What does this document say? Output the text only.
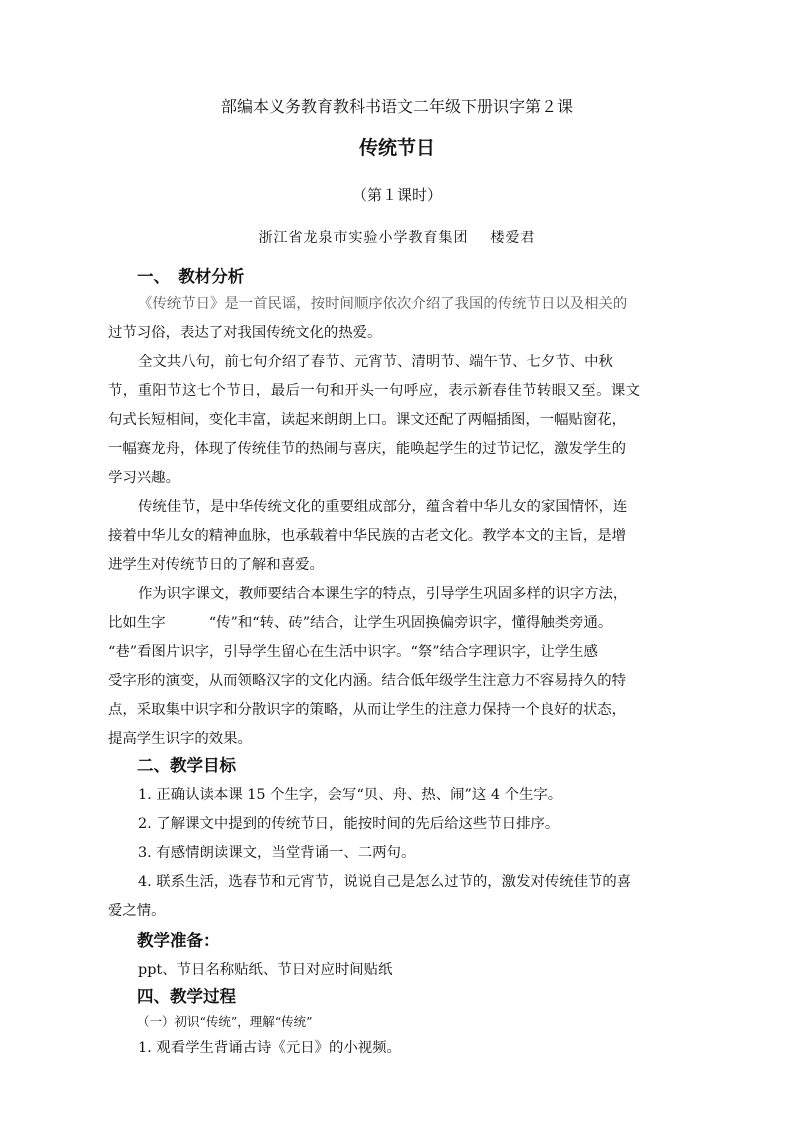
部编本义务教育教科书语文二年级下册识字第２课
传统节日
（第１课时）
浙江省龙泉市实验小学教育集团 楼爱君
一、　教材分析
《传统节日》是一首民谣，按时间顺序依次介绍了我国的传统节日以及相关的
过节习俗，表达了对我国传统文化的热爱。
全文共八句，前七句介绍了春节、元宵节、清明节、端午节、七夕节、中秋
节，重阳节这七个节日，最后一句和开头一句呼应，表示新春佳节转眼又至。课文
句式长短相间，变化丰富，读起来朗朗上口。课文还配了两幅插图，一幅贴窗花，
一幅赛龙舟，体现了传统佳节的热闹与喜庆，能唤起学生的过节记忆，激发学生的
学习兴趣。
传统佳节，是中华传统文化的重要组成部分，蕴含着中华儿女的家国情怀，连
接着中华儿女的精神血脉，也承载着中华民族的古老文化。教学本文的主旨，是增
进学生对传统节日的了解和喜爱。
作为识字课文，教师要结合本课生字的特点，引导学生巩固多样的识字方法，
比如生字　　　“传”和“转、砖”结合，让学生巩固换偏旁识字，懂得触类旁通。
“巷”看图片识字，引导学生留心在生活中识字。“祭”结合字理识字，让学生感
受字形的演变，从而领略汉字的文化内涵。结合低年级学生注意力不容易持久的特
点，采取集中识字和分散识字的策略，从而让学生的注意力保持一个良好的状态，
提高学生识字的效果。
二、教学目标
1. 正确认读本课 15 个生字，会写“贝、舟、热、闹”这 4 个生字。
2. 了解课文中提到的传统节日，能按时间的先后给这些节日排序。
3. 有感情朗读课文，当堂背诵一、二两句。
4. 联系生活，选春节和元宵节，说说自己是怎么过节的，激发对传统佳节的喜
爱之情。
教学准备：
ppt、节日名称贴纸、节日对应时间贴纸
四、教学过程
（一）初识“传统”，理解“传统”
1. 观看学生背诵古诗《元日》的小视频。
